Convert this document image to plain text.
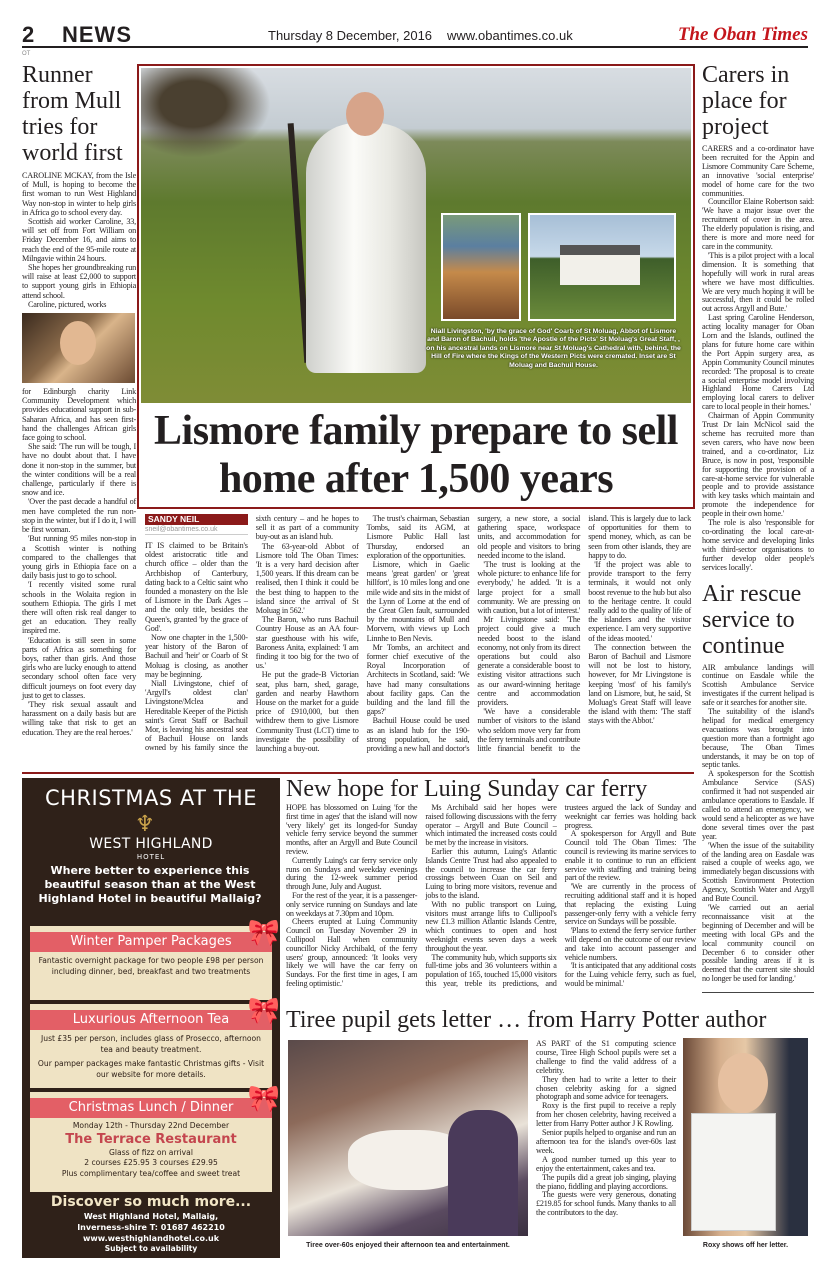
2 NEWS	Thursday 8 December, 2016 www.obantimes.co.uk	The Oban Times
OT
Runner from Mull tries for world first

CAROLINE MCKAY, from the Isle of Mull, is hoping to become the first woman to run West Highland Way non-stop in winter to help girls in Africa go to school every day.

Scottish aid worker Caroline, 33, will set off from Fort William on Friday December 16, and aims to reach the end of the 95-mile route at Milngavie within 24 hours.

She hopes her groundbreaking run will raise at least £2,000 to support to support young girls in Ethiopia attend school.

Caroline, pictured, works

for Edinburgh charity Link Community Development which provides educational support in sub-Saharan Africa, and has seen first-hand the challenges African girls face going to school.

She said: 'The run will be tough, I have no doubt about that. I have done it non-stop in the summer, but the winter conditions will be a real challenge, particularly if there is snow and ice.

'Over the past decade a handful of men have completed the run non-stop in the winter, but if I do it, I will be first woman.

'But running 95 miles non-stop in a Scottish winter is nothing compared to the challenges that young girls in Ethiopia face on a daily basis just to go to school.

'I recently visited some rural schools in the Wolaita region in southern Ethiopia. The girls I met there will often risk real danger to get an education. They really inspired me.

'Education is still seen in some parts of Africa as something for boys, rather than girls. And those girls who are lucky enough to attend secondary school often face very difficult journeys on foot every day just to get to classes.

'They risk sexual assault and harassment on a daily basis but are willing take that risk to get an education. They are the real heroes.'

Niall Livingston, 'by the grace of God' Coarb of St Moluag, Abbot of Lismore and Baron of Bachuil, holds 'the Apostle of the Picts' St Moluag's Great Staff, , on his ancestral lands on Lismore near St Moluag's Cathedral with, behind, the Hill of Fire where the Kings of the Western Picts were cremated. Inset are St Moluag and Bachuil House.
Lismore family prepare to sell home after 1,500 years
SANDY NEIL
sneil@obantimes.co.uk

IT IS claimed to be Britain's oldest aristocratic title and church office – older than the Archbishop of Canterbury, dating back to a Celtic saint who founded a monastery on the Isle of Lismore in the Dark Ages – and the only title, besides the Queen's, granted 'by the grace of God'.

Now one chapter in the 1,500-year history of the Baron of Bachuil and 'heir' or Coarb of St Moluag is closing, as another may be beginning.

Niall Livingstone, chief of 'Argyll's oldest clan' Livingstone/Mclea and Hereditable Keeper of the Pictish saint's Great Staff or Bachuil Mor, is leaving his ancestral seat of Bachuil House on lands owned by his family since the sixth century – and he hopes to sell it as part of a community buy-out as an island hub.

The 63-year-old Abbot of Lismore told The Oban Times: 'It is a very hard decision after 1,500 years. If this dream can be realised, then I think it could be the best thing to happen to the island since the arrival of St Moluag in 562.'

The Baron, who runs Bachuil Country House as an AA four-star guesthouse with his wife, Baroness Anita, explained: 'I am finding it too big for the two of us.'

He put the grade-B Victorian seat, plus barn, shed, garage, garden and nearby Hawthorn House on the market for a guide price of £910,000, but then withdrew them to give Lismore Community Trust (LCT) time to investigate the possibility of launching a buy-out.

The trust's chairman, Sebastian Tombs, said its AGM, at Lismore Public Hall last Thursday, endorsed an exploration of the opportunities.

Lismore, which in Gaelic means 'great garden' or 'great hillfort', is 10 miles long and one mile wide and sits in the midst of the Lynn of Lorne at the end of the Great Glen fault, surrounded by the mountains of Mull and Morvern, with views up Loch Linnhe to Ben Nevis.

Mr Tombs, an architect and former chief executive of the Royal Incorporation of Architects in Scotland, said: 'We have had many consultations about facility gaps. Can the building and the land fill the gaps?'

Bachuil House could be used as an island hub for the 190-strong population, he said, providing a new hall and doctor's surgery, a new store, a social gathering space, workspace units, and accommodation for old people and visitors to bring needed income to the island.

'The trust is looking at the whole picture: to enhance life for everybody,' he added. 'It is a large project for a small community. We are pressing on with caution, but a lot of interest.'

Mr Livingstone said: 'The project could give a much needed boost to the island economy, not only from its direct operations but could also generate a considerable boost to existing visitor attractions such as our award-winning heritage centre and accommodation providers.

'We have a considerable number of visitors to the island who seldom move very far from the ferry terminals and contribute little financial benefit to the island. This is largely due to lack of opportunities for them to spend money, which, as can be seen from other islands, they are happy to do.

'If the project was able to provide transport to the ferry terminals, it would not only boost revenue to the hub but also to the heritage centre. It could really add to the quality of life of the islanders and the visitor experience. I am very supportive of the ideas mooted.'

The connection between the Baron of Bachuil and Lismore will not be lost to history, however, for Mr Livingstone is keeping 'most' of his family's land on Lismore, but, he said, St Moluag's Great Staff will leave the island with them: 'The staff stays with the Abbot.'

Carers in place for project

CARERS and a co-ordinator have been recruited for the Appin and Lismore Community Care Scheme, an innovative 'social enterprise' model of home care for the two communities.

Councillor Elaine Robertson said: 'We have a major issue over the recruitment of cover in the area. The elderly population is rising, and there is more and more need for care in the community.

'This is a pilot project with a local dimension. It is something that hopefully will work in rural areas where we have most difficulties. We are very much hoping it will be successful, then it could be rolled out across Argyll and Bute.'

Last spring Caroline Henderson, acting locality manager for Oban Lorn and the Islands, outlined the plans for future home care within the Port Appin surgery area, as Appin Community Council minutes recorded: 'The proposal is to create a social enterprise model involving Highland Home Carers Ltd employing local carers to deliver care to local people in their homes.'

Chairman of Appin Community Trust Dr Iain McNicol said the scheme has recruited more than seven carers, who have now been trained, and a co-ordinator, Liz Bruce, is now in post, 'responsible for supporting the provision of a care-at-home service for vulnerable people and to provide assistance with key tasks which maintain and promote the independence for people in their own home.'

The role is also 'responsible for co-ordinating the local care-at-home service and developing links with third-sector organisations to further develop older people's services locally'.

Air rescue service to continue

AIR ambulance landings will continue on Easdale while the Scottish Ambulance Service investigates if the current helipad is safe or it searches for another site.

The suitability of the island's helipad for medical emergency evacuations was brought into question more than a fortnight ago because, The Oban Times understands, it may be on top of septic tanks.

A spokesperson for the Scottish Ambulance Service (SAS) confirmed it 'had not suspended air ambulance operations to Easdale. If called to attend an emergency, we would send a helicopter as we have done several times over the past year.

'When the issue of the suitability of the landing area on Easdale was raised a couple of weeks ago, we immediately began discussions with Scottish Environment Protection Agency, Scottish Water and Argyll and Bute Council.

'We carried out an aerial reconnaissance visit at the beginning of December and will be meeting with local GPs and the local community council on December 6 to consider other possible landing areas if it is deemed that the current site should no longer be used for landing.'

CHRISTMAS AT THE
♆
WEST HIGHLAND
HOTEL
Where better to experience this beautiful season than at the West Highland Hotel in beautiful Mallaig?
Winter Pamper Packages
Fantastic overnight package for two people £98 per person including dinner, bed, breakfast and two treatments
🎀
Luxurious Afternoon Tea
Just £35 per person, includes glass of Prosecco, afternoon tea and beauty treatment.
Our pamper packages make fantastic Christmas gifts - Visit our website for more details.
🎀
Christmas Lunch / Dinner
Monday 12th - Thursday 22nd December
The Terrace Restaurant
Glass of fizz on arrival
2 courses £25.95 3 courses £29.95
Plus complimentary tea/coffee and sweet treat
🎀
Discover so much more...
West Highland Hotel, Mallaig,
Inverness-shire T: 01687 462210
www.westhighlandhotel.co.uk
Subject to availability
New hope for Luing Sunday car ferry

HOPE has blossomed on Luing 'for the first time in ages' that the island will now 'very likely' get its longed-for Sunday vehicle ferry service beyond the summer months, after an Argyll and Bute Council review.

Currently Luing's car ferry service only runs on Sundays and weekday evenings during the 12-week summer period through June, July and August.

For the rest of the year, it is a passenger-only service running on Sundays and late on weekdays at 7.30pm and 10pm.

Cheers erupted at Luing Community Council on Tuesday November 29 in Cullipool Hall when community councillor Nicky Archibald, of the ferry users' group, announced: 'It looks very likely we will have the car ferry on Sundays. For the first time in ages, I am feeling optimistic.'

Ms Archibald said her hopes were raised following discussions with the ferry operator – Argyll and Bute Council – which intimated the increased costs could be met by the increase in visitors.

Earlier this autumn, Luing's Atlantic Islands Centre Trust had also appealed to the council to increase the car ferry crossings between Cuan on Seil and Luing to bring more visitors, revenue and jobs to the island.

With no public transport on Luing, visitors must arrange lifts to Cullipool's new £1.3 million Atlantic Islands Centre, which continues to open and host weeknight events seven days a week throughout the year.

The community hub, which supports six full-time jobs and 36 volunteers within a population of 165, touched 15,000 visitors this year, treble its predictions, and trustees argued the lack of Sunday and weeknight car ferries was holding back progress.

A spokesperson for Argyll and Bute Council told The Oban Times: 'The council is reviewing its marine services to enable it to continue to run an efficient service with staffing and training being part of the review.

'We are currently in the process of recruiting additional staff and it is hoped that replacing the existing Luing passenger-only ferry with a vehicle ferry service on Sundays will be possible.

'Plans to extend the ferry service further will depend on the outcome of our review and take into account passenger and vehicle numbers.

'It is anticipated that any additional costs for the Luing vehicle ferry, such as fuel, would be minimal.'

Tiree pupil gets letter … from Harry Potter author
Tiree over-60s enjoyed their afternoon tea and entertainment.

AS PART of the S1 computing science course, Tiree High School pupils were set a challenge to find the valid address of a celebrity.

They then had to write a letter to their chosen celebrity asking for a signed photograph and some advice for teenagers.

Roxy is the first pupil to receive a reply from her chosen celebrity, having received a letter from Harry Potter author J K Rowling.

Senior pupils helped to organise and run an afternoon tea for the island's over-60s last week.

A good number turned up this year to enjoy the entertainment, cakes and tea.

The pupils did a great job singing, playing the piano, fiddling and playing accordions.

The guests were very generous, donating £219.85 for school funds. Many thanks to all the contributors to the day.

Roxy shows off her letter.
